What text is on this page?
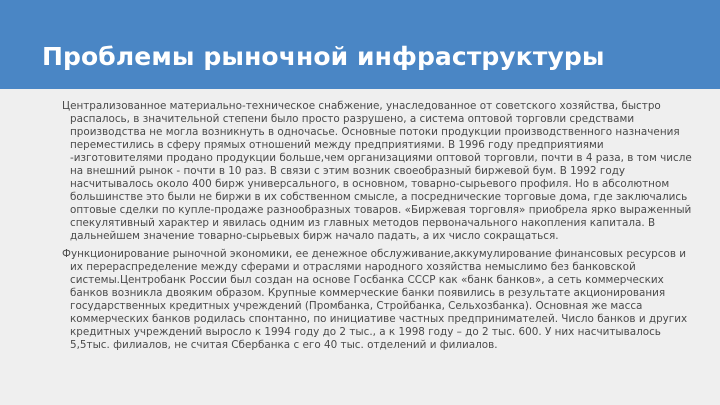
Проблемы рыночной инфраструктуры

Централизованное материально-техническое снабжение, унаследованное от советского хозяйства, быстро распалось, в значительной степени было просто разрушено, а система оптовой торговли средствами производства не могла возникнуть в одночасье. Основные потоки продукции производственного назначения переместились в сферу прямых отношений между предприятиями. В 1996 году предприятиями -изготовителями продано продукции больше,чем организациями оптовой торговли, почти в 4 раза, в том числе на внешний рынок - почти в 10 раз. В связи с этим возник своеобразный биржевой бум. В 1992 году насчитывалось около 400 бирж универсального, в основном, товарно-сырьевого профиля. Но в абсолютном большинстве это были не биржи в их собственном смысле, а посреднические торговые дома, где заключались оптовые сделки по купле-продаже разнообразных товаров. «Биржевая торговля» приобрела ярко выраженный спекулятивный характер и явилась одним из главных методов первоначального накопления капитала. В дальнейшем значение товарно-сырьевых бирж начало падать, а их число сокращаться.

Функционирование рыночной экономики, ее денежное обслуживание,аккумулирование финансовых ресурсов и их перераспределение между сферами и отраслями народного хозяйства немыслимо без банковской системы.Центробанк России был создан на основе Госбанка СССР как «банк банков», а сеть коммерческих банков возникла двояким образом. Крупные коммерческие банки появились в результате акционирования государственных кредитных учреждений (Промбанка, Стройбанка, Сельхозбанка). Основная же масса коммерческих банков родилась спонтанно, по инициативе частных предпринимателей. Число банков и других кредитных учреждений выросло к 1994 году до 2 тыс., а к 1998 году – до 2 тыс. 600. У них насчитывалось 5,5тыс. филиалов, не считая Сбербанка с его 40 тыс. отделений и филиалов.
